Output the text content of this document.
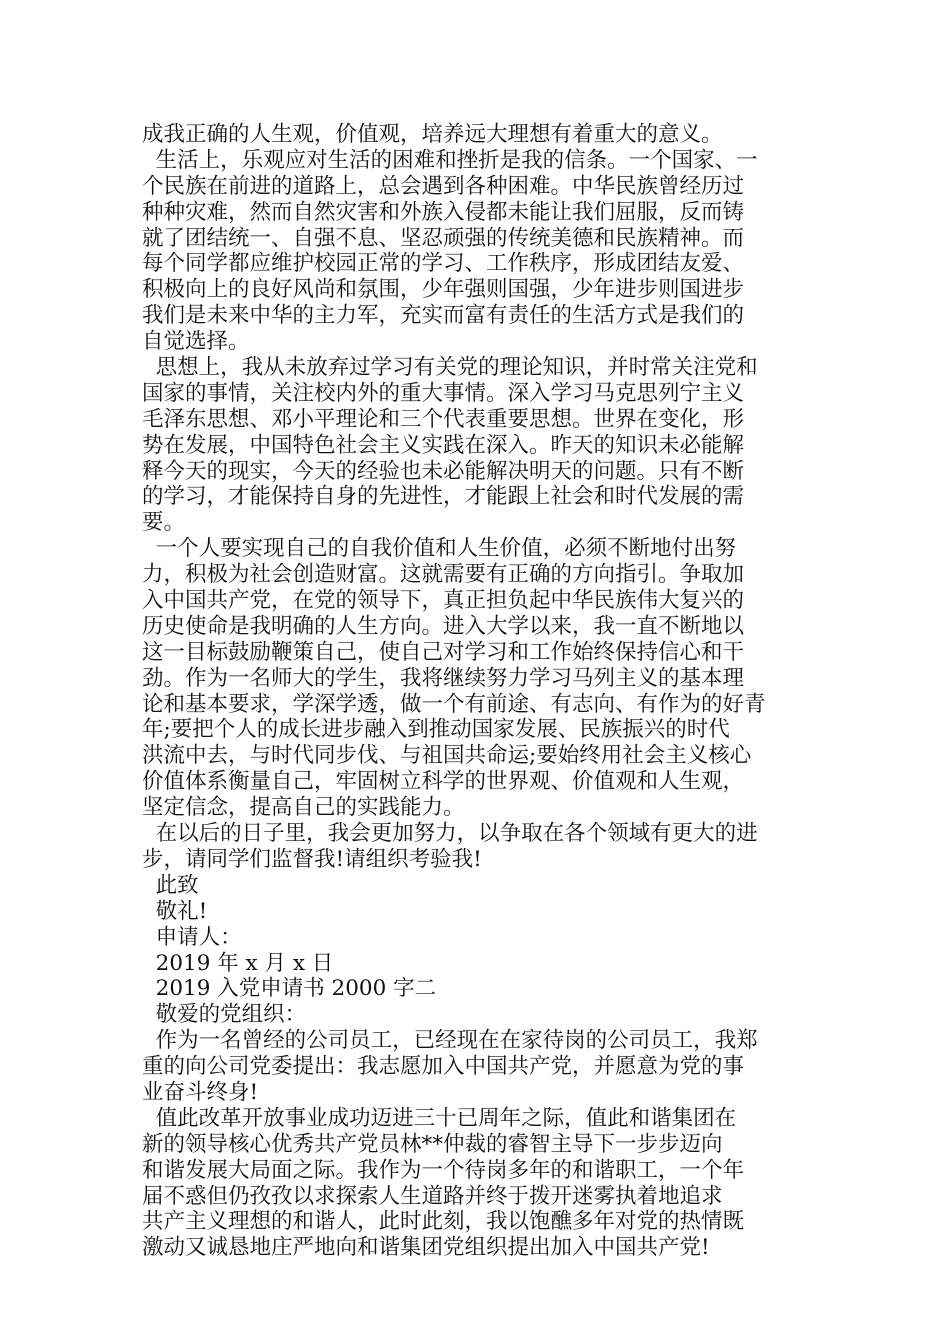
成我正确的人生观，价值观，培养远大理想有着重大的意义。
生活上，乐观应对生活的困难和挫折是我的信条。一个国家、一
个民族在前进的道路上，总会遇到各种困难。中华民族曾经历过
种种灾难，然而自然灾害和外族入侵都未能让我们屈服，反而铸
就了团结统一、自强不息、坚忍顽强的传统美德和民族精神。而
每个同学都应维护校园正常的学习、工作秩序，形成团结友爱、
积极向上的良好风尚和氛围，少年强则国强，少年进步则国进步
我们是未来中华的主力军，充实而富有责任的生活方式是我们的
自觉选择。
思想上，我从未放弃过学习有关党的理论知识，并时常关注党和
国家的事情，关注校内外的重大事情。深入学习马克思列宁主义
毛泽东思想、邓小平理论和三个代表重要思想。世界在变化，形
势在发展，中国特色社会主义实践在深入。昨天的知识未必能解
释今天的现实，今天的经验也未必能解决明天的问题。只有不断
的学习，才能保持自身的先进性，才能跟上社会和时代发展的需
要。
一个人要实现自己的自我价值和人生价值，必须不断地付出努
力，积极为社会创造财富。这就需要有正确的方向指引。争取加
入中国共产党，在党的领导下，真正担负起中华民族伟大复兴的
历史使命是我明确的人生方向。进入大学以来，我一直不断地以
这一目标鼓励鞭策自己，使自己对学习和工作始终保持信心和干
劲。作为一名师大的学生，我将继续努力学习马列主义的基本理
论和基本要求，学深学透，做一个有前途、有志向、有作为的好青
年;要把个人的成长进步融入到推动国家发展、民族振兴的时代
洪流中去，与时代同步伐、与祖国共命运;要始终用社会主义核心
价值体系衡量自己，牢固树立科学的世界观、价值观和人生观，
坚定信念，提高自己的实践能力。
在以后的日子里，我会更加努力，以争取在各个领域有更大的进
步，请同学们监督我!请组织考验我!
此致
敬礼!
申请人：
2019 年 x 月 x 日
2019 入党申请书 2000 字二
敬爱的党组织：
作为一名曾经的公司员工，已经现在在家待岗的公司员工，我郑
重的向公司党委提出：我志愿加入中国共产党，并愿意为党的事
业奋斗终身!
值此改革开放事业成功迈进三十已周年之际，值此和谐集团在
新的领导核心优秀共产党员林**仲裁的睿智主导下一步步迈向
和谐发展大局面之际。我作为一个待岗多年的和谐职工，一个年
届不惑但仍孜孜以求探索人生道路并终于拨开迷雾执着地追求
共产主义理想的和谐人，此时此刻，我以饱醮多年对党的热情既
激动又诚恳地庄严地向和谐集团党组织提出加入中国共产党!
